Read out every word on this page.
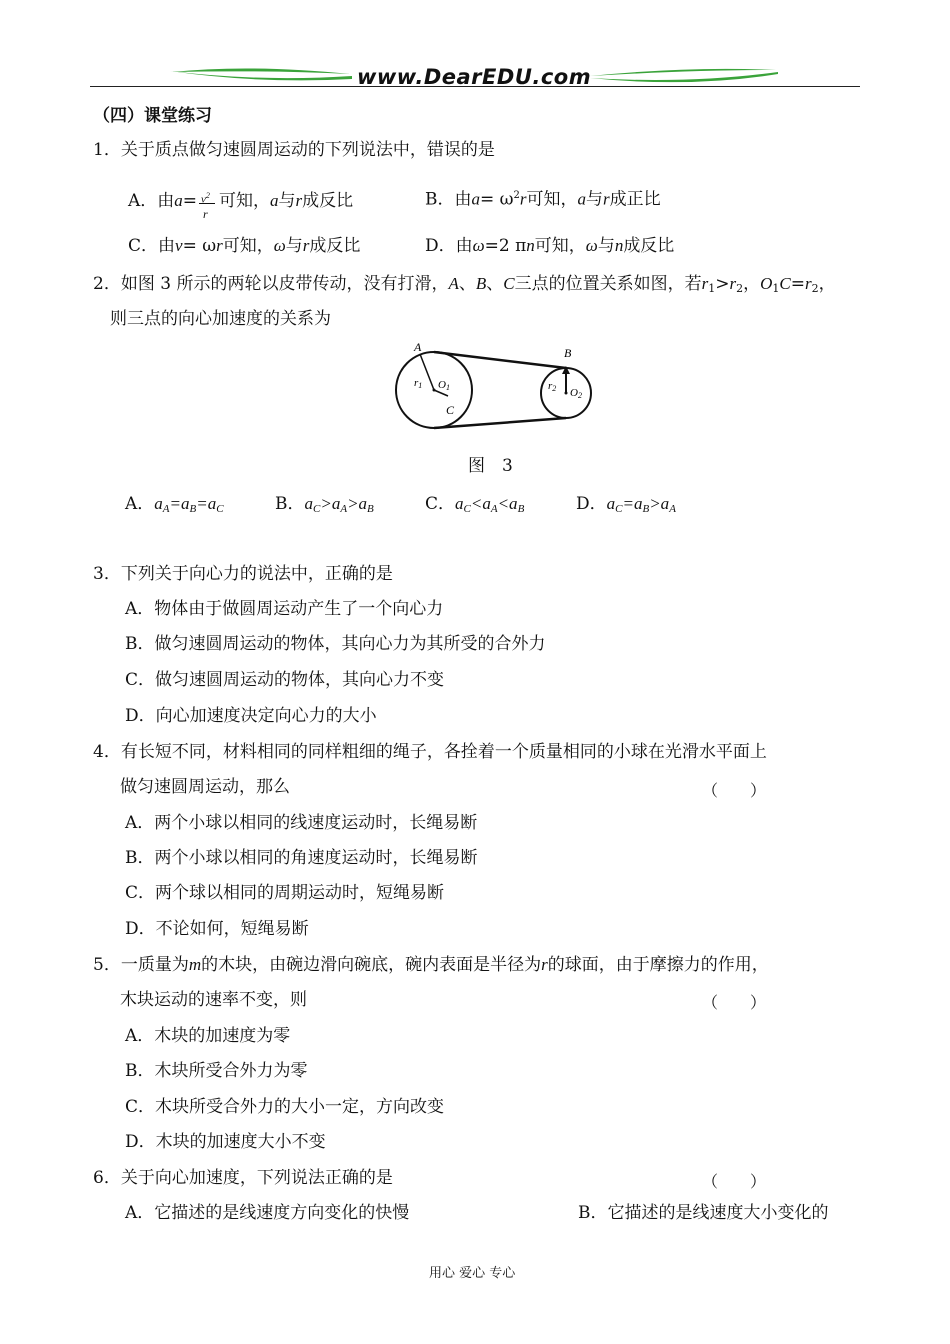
www.DearEDU.com
（四）课堂练习
1．关于质点做匀速圆周运动的下列说法中，错误的是
A．由$a= v^2$
r
可知，a与r成反比	B．由$a= \omega^2r$可知，a与r成正比
C．由v= ωr可知，ω与r成反比	D．由ω=2 πn可知，ω与n成反比
2．如图 3 所示的两轮以皮带传动，没有打滑，A、B、C三点的位置关系如图，若$r_1>r_2$，$O_1C=r_2$，
则三点的向心加速度的关系为
A	B
C
r1 O1	r2 O2
图　3
A．$a_A=a_B=a_C$	B．$a_C>a_A>a_B$	C．$a_C<a_A<a_B$	D．$a_C=a_B>a_A$
3．下列关于向心力的说法中，正确的是
A．物体由于做圆周运动产生了一个向心力
B．做匀速圆周运动的物体，其向心力为其所受的合外力
C．做匀速圆周运动的物体，其向心力不变
D．向心加速度决定向心力的大小
4．有长短不同，材料相同的同样粗细的绳子，各拴着一个质量相同的小球在光滑水平面上
做匀速圆周运动，那么	（　　）
A．两个小球以相同的线速度运动时，长绳易断
B．两个小球以相同的角速度运动时，长绳易断
C．两个球以相同的周期运动时，短绳易断
D．不论如何，短绳易断
5．一质量为m的木块，由碗边滑向碗底，碗内表面是半径为r的球面，由于摩擦力的作用，
木块运动的速率不变，则	（　　）
A．木块的加速度为零
B．木块所受合外力为零
C．木块所受合外力的大小一定，方向改变
D．木块的加速度大小不变
6．关于向心加速度，下列说法正确的是	（　　）
A．它描述的是线速度方向变化的快慢	B．它描述的是线速度大小变化的
用心 爱心 专心
